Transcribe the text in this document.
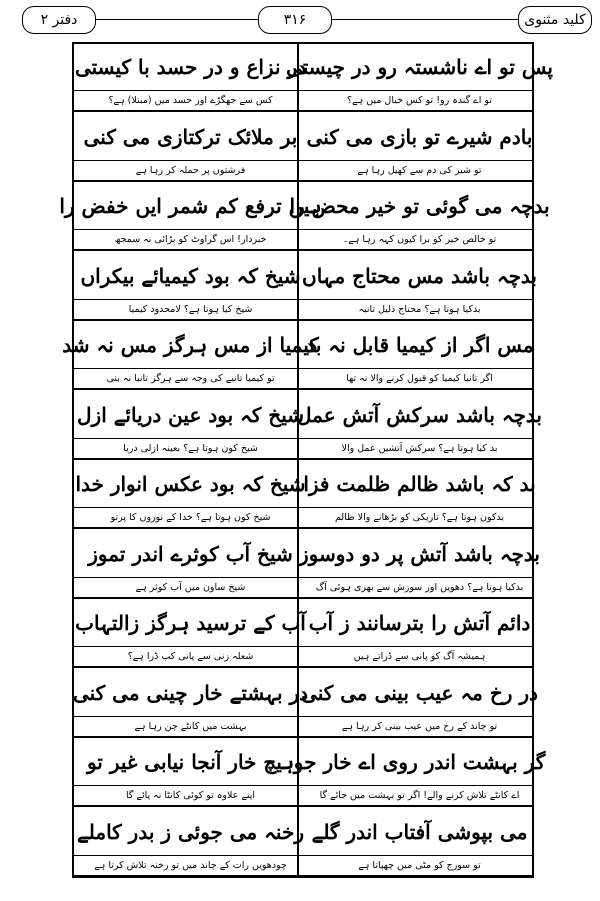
دفتر ۲	۳۱۶	کلید مثنوی
پس تو اے ناشستہ رو در چیستی
در نزاع و در حسد با کیستی
تو اے گندہ رو! تو کس خیال میں ہے؟
کس سے جھگڑے اور حسد میں (مبتلا) ہے؟
بادم شیرے تو بازی می کنی
بر ملائک ترکتازی می کنی
تو شیر کی دم سے کھیل رہا ہے
فرشتوں پر حملہ کر رہا ہے
بدچہ می گوئی تو خیر محض را
ہیں ترفع کم شمر ایں خفض را
تو خالص خیر کو برا کیوں کہہ رہا ہے۔
خبردار! اس گراوٹ کو بڑائی نہ سمجھ
بدچہ باشد مس محتاج مہاں
شیخ کہ بود کیمیائے بیکراں
بدکیا ہوتا ہے؟ محتاج ذلیل تانبہ
شیخ کیا ہوتا ہے؟ لامحدود کیمیا
مس اگر از کیمیا قابل نہ بد
کیمیا از مس ہرگز مس نہ شد
اگر تانبا کیمیا کو قبول کرنے والا نہ تھا
تو کیمیا تانبے کی وجہ سے ہرگز تانبا نہ بنی
بدچہ باشد سرکش آتش عمل
شیخ کہ بود عین دریائے ازل
بد کیا ہوتا ہے؟ سرکش آتشیں عمل والا
شیخ کون ہوتا ہے؟ بعینہ ازلی دریا
بد کہ باشد ظالم ظلمت فزا
شیخ کہ بود عکس انوار خدا
بدکون ہوتا ہے؟ تاریکی کو بڑھانے والا ظالم
شیخ کون ہوتا ہے؟ خدا کے نوروں کا پرتو
بدچہ باشد آتش پر دو دوسوز
شیخ آب کوثرے اندر تموز
بدکیا ہوتا ہے؟ دھویں اور سوزش سے بھری ہوئی آگ
شیخ ساون میں آب کوثر ہے
دائم آتش را بترسانند ز آب
آب کے ترسید ہرگز زالتہاب
ہمیشہ آگ کو پانی سے ڈراتے ہیں
شعلہ زنی سے پانی کب ڈرا ہے؟
در رخ مہ عیب بینی می کنی
در بہشتے خار چینی می کنی
تو چاند کے رخ میں عیب بینی کر رہا ہے
بہشت میں کانٹے چن رہا ہے
گر بہشت اندر روی اے خار جو
ہیچ خار آنجا نیابی غیر تو
اے کانٹے تلاش کرنے والے! اگر تو بہشت میں جائے گا
اپنے علاوہ تو کوئی کانٹا نہ پائے گا
می بپوشی آفتاب اندر گلے
رخنہ می جوئی ز بدر کاملے
تو سورج کو مٹی میں چھپاتا ہے
چودھویں رات کے چاند میں تو رخنہ تلاش کرتا ہے
